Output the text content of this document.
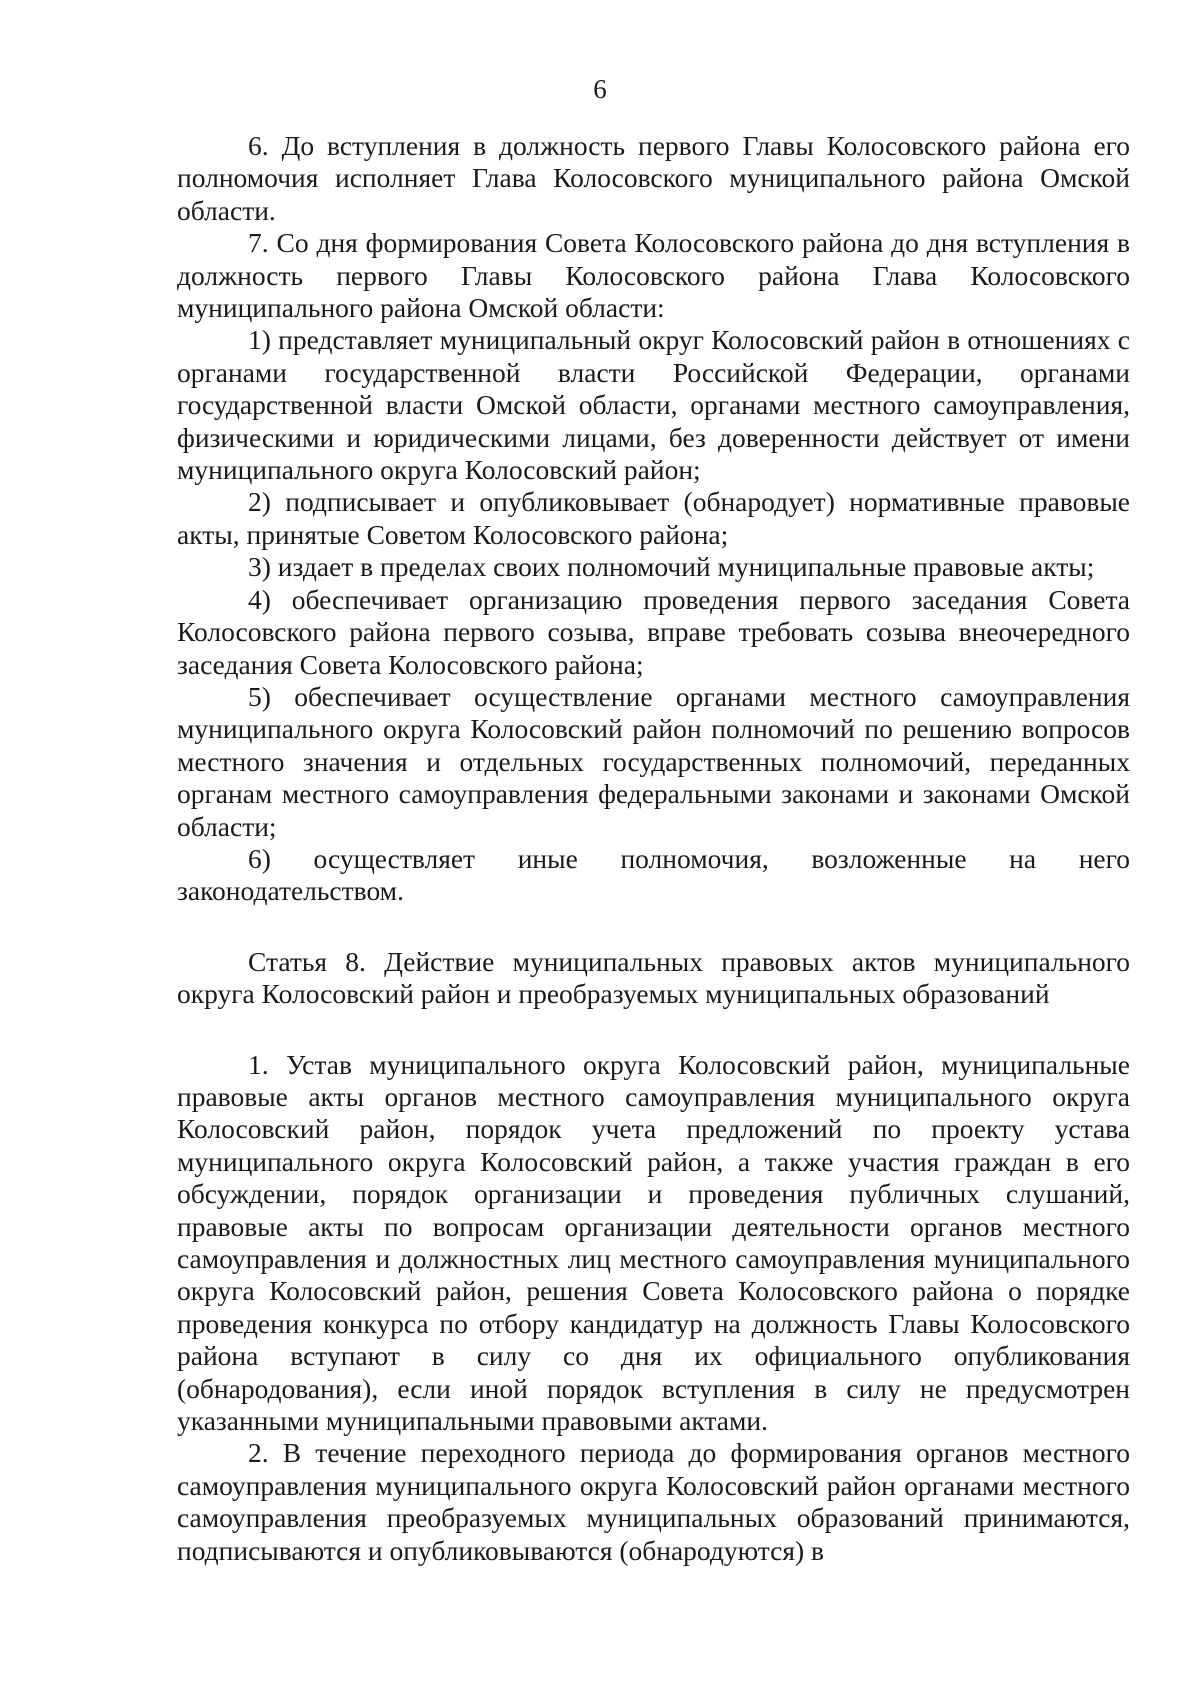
6

6. До вступления в должность первого Главы Колосовского района его полномочия исполняет Глава Колосовского муниципального района Омской области.

7. Со дня формирования Совета Колосовского района до дня вступления в должность первого Главы Колосовского района Глава Колосовского муниципального района Омской области:

1) представляет муниципальный округ Колосовский район в отношениях с органами государственной власти Российской Федерации, органами государственной власти Омской области, органами местного самоуправления, физическими и юридическими лицами, без доверенности действует от имени муниципального округа Колосовский район;

2) подписывает и опубликовывает (обнародует) нормативные правовые акты, принятые Советом Колосовского района;

3) издает в пределах своих полномочий муниципальные правовые акты;

4) обеспечивает организацию проведения первого заседания Совета Колосовского района первого созыва, вправе требовать созыва внеочередного заседания Совета Колосовского района;

5) обеспечивает осуществление органами местного самоуправления муниципального округа Колосовский район полномочий по решению вопросов местного значения и отдельных государственных полномочий, переданных органам местного самоуправления федеральными законами и законами Омской области;

6) осуществляет иные полномочия, возложенные на него законодательством.

Статья 8. Действие муниципальных правовых актов муниципального округа Колосовский район и преобразуемых муниципальных образований

1. Устав муниципального округа Колосовский район, муниципальные правовые акты органов местного самоуправления муниципального округа Колосовский район, порядок учета предложений по проекту устава муниципального округа Колосовский район, а также участия граждан в его обсуждении, порядок организации и проведения публичных слушаний, правовые акты по вопросам организации деятельности органов местного самоуправления и должностных лиц местного самоуправления муниципального округа Колосовский район, решения Совета Колосовского района о порядке проведения конкурса по отбору кандидатур на должность Главы Колосовского района вступают в силу со дня их официального опубликования (обнародования), если иной порядок вступления в силу не предусмотрен указанными муниципальными правовыми актами.

2. В течение переходного периода до формирования органов местного самоуправления муниципального округа Колосовский район органами местного самоуправления преобразуемых муниципальных образований принимаются, подписываются и опубликовываются (обнародуются) в
